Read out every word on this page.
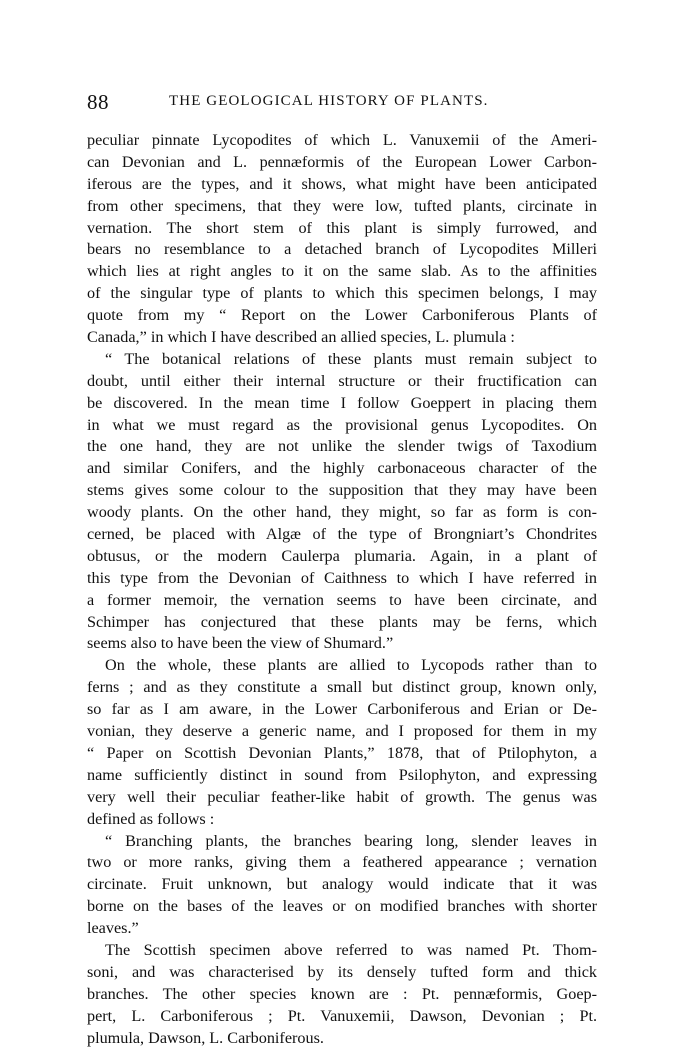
88	THE GEOLOGICAL HISTORY OF PLANTS.
peculiar pinnate Lycopodites of which L. Vanuxemii of the Ameri-
can Devonian and L. pennæformis of the European Lower Carbon-
iferous are the types, and it shows, what might have been anticipated
from other specimens, that they were low, tufted plants, circinate in
vernation. The short stem of this plant is simply furrowed, and
bears no resemblance to a detached branch of Lycopodites Milleri
which lies at right angles to it on the same slab. As to the affinities
of the singular type of plants to which this specimen belongs, I may
quote from my “ Report on the Lower Carboniferous Plants of
Canada,” in which I have described an allied species, L. plumula :
“ The botanical relations of these plants must remain subject to
doubt, until either their internal structure or their fructification can
be discovered. In the mean time I follow Goeppert in placing them
in what we must regard as the provisional genus Lycopodites. On
the one hand, they are not unlike the slender twigs of Taxodium
and similar Conifers, and the highly carbonaceous character of the
stems gives some colour to the supposition that they may have been
woody plants. On the other hand, they might, so far as form is con-
cerned, be placed with Algæ of the type of Brongniart’s Chondrites
obtusus, or the modern Caulerpa plumaria. Again, in a plant of
this type from the Devonian of Caithness to which I have referred in
a former memoir, the vernation seems to have been circinate, and
Schimper has conjectured that these plants may be ferns, which
seems also to have been the view of Shumard.”
On the whole, these plants are allied to Lycopods rather than to
ferns ; and as they constitute a small but distinct group, known only,
so far as I am aware, in the Lower Carboniferous and Erian or De-
vonian, they deserve a generic name, and I proposed for them in my
“ Paper on Scottish Devonian Plants,” 1878, that of Ptilophyton, a
name sufficiently distinct in sound from Psilophyton, and expressing
very well their peculiar feather-like habit of growth. The genus was
defined as follows :
“ Branching plants, the branches bearing long, slender leaves in
two or more ranks, giving them a feathered appearance ; vernation
circinate. Fruit unknown, but analogy would indicate that it was
borne on the bases of the leaves or on modified branches with shorter
leaves.”
The Scottish specimen above referred to was named Pt. Thom-
soni, and was characterised by its densely tufted form and thick
branches. The other species known are : Pt. pennæformis, Goep-
pert, L. Carboniferous ; Pt. Vanuxemii, Dawson, Devonian ; Pt.
plumula, Dawson, L. Carboniferous.
